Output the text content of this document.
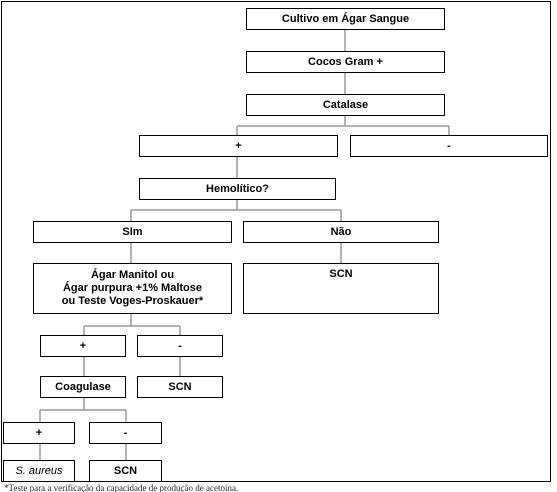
Cultivo em Ágar Sangue
Cocos Gram +
Catalase
+	-
Hemolítico?
SIm	Não
Ágar Manitol ou
Ágar purpura +1% Maltose
ou Teste Voges-Proskauer*
SCN
+	-
Coagulase	SCN
+	-
S. aureus	SCN
*Teste para a verificação da capacidade de produção de acetoína.
